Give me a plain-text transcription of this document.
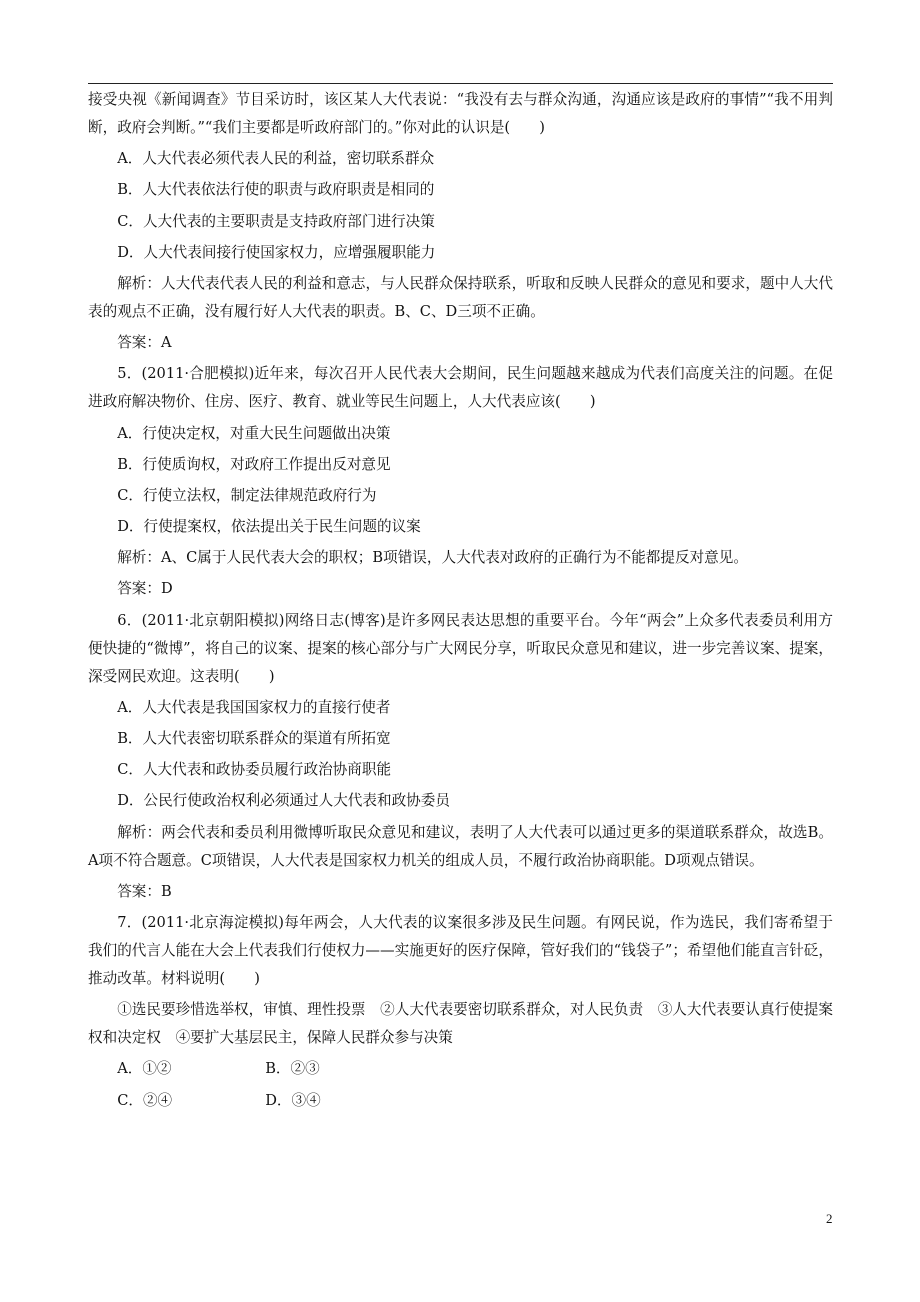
接受央视《新闻调查》节目采访时，该区某人大代表说：“我没有去与群众沟通，沟通应该是政府的事情”“我不用判断，政府会判断。”“我们主要都是听政府部门的。”你对此的认识是(　　)

A．人大代表必须代表人民的利益，密切联系群众

B．人大代表依法行使的职责与政府职责是相同的

C．人大代表的主要职责是支持政府部门进行决策

D．人大代表间接行使国家权力，应增强履职能力

解析：人大代表代表人民的利益和意志，与人民群众保持联系，听取和反映人民群众的意见和要求，题中人大代表的观点不正确，没有履行好人大代表的职责。B、C、D三项不正确。

答案：A

5．(2011·合肥模拟)近年来，每次召开人民代表大会期间，民生问题越来越成为代表们高度关注的问题。在促进政府解决物价、住房、医疗、教育、就业等民生问题上，人大代表应该(　　)

A．行使决定权，对重大民生问题做出决策

B．行使质询权，对政府工作提出反对意见

C．行使立法权，制定法律规范政府行为

D．行使提案权，依法提出关于民生问题的议案

解析：A、C属于人民代表大会的职权；B项错误，人大代表对政府的正确行为不能都提反对意见。

答案：D

6．(2011·北京朝阳模拟)网络日志(博客)是许多网民表达思想的重要平台。今年“两会”上众多代表委员利用方便快捷的“微博”，将自己的议案、提案的核心部分与广大网民分享，听取民众意见和建议，进一步完善议案、提案，深受网民欢迎。这表明(　　)

A．人大代表是我国国家权力的直接行使者

B．人大代表密切联系群众的渠道有所拓宽

C．人大代表和政协委员履行政治协商职能

D．公民行使政治权利必须通过人大代表和政协委员

解析：两会代表和委员利用微博听取民众意见和建议，表明了人大代表可以通过更多的渠道联系群众，故选B。A项不符合题意。C项错误，人大代表是国家权力机关的组成人员，不履行政治协商职能。D项观点错误。

答案：B

7．(2011·北京海淀模拟)每年两会，人大代表的议案很多涉及民生问题。有网民说，作为选民，我们寄希望于我们的代言人能在大会上代表我们行使权力——实施更好的医疗保障，管好我们的“钱袋子”；希望他们能直言针砭，推动改革。材料说明(　　)

①选民要珍惜选举权，审慎、理性投票　②人大代表要密切联系群众，对人民负责　③人大代表要认真行使提案权和决定权　④要扩大基层民主，保障人民群众参与决策

A．①②	B．②③
C．②④	D．③④
2
